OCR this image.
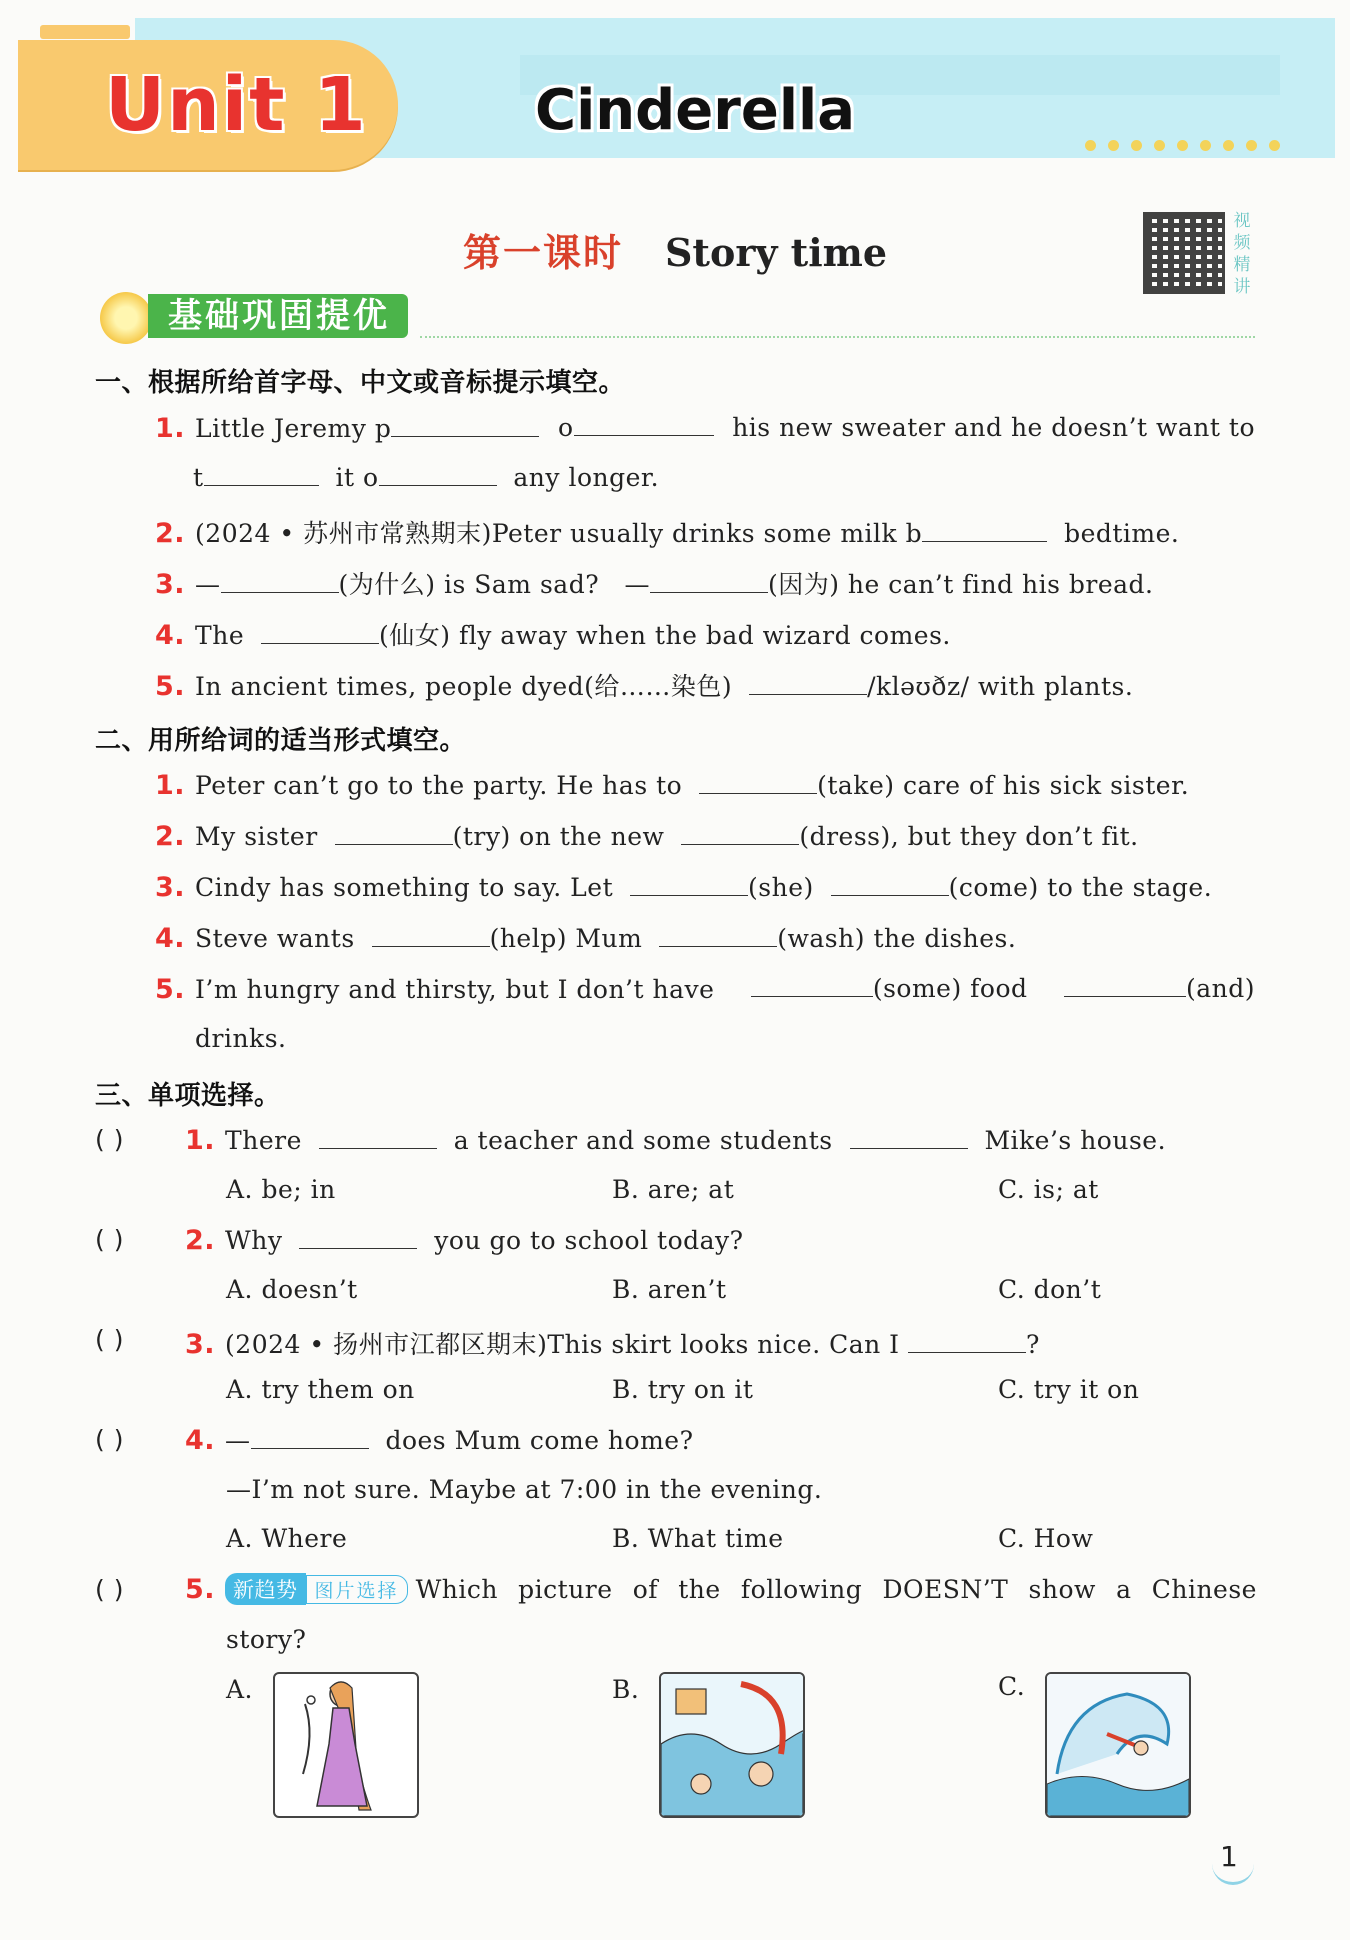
Unit 1	Cinderella
第一课时 Story time
视
频
精
讲
基础巩固提优
一、根据所给首字母、中文或音标提示填空。
1. Little Jeremy p	o	his new sweater and he doesn’t want to
t	it o	any longer.
2. (2024 • 苏州市常熟期末)Peter usually drinks some milk b	bedtime.
3. —	(为什么) is Sam sad? —	(因为) he can’t find his bread.
4. The	(仙女) fly away when the bad wizard comes.
5. In ancient times, people dyed(给……染色)	/kləʊðz/ with plants.
二、用所给词的适当形式填空。
1. Peter can’t go to the party. He has to	(take) care of his sick sister.
2. My sister	(try) on the new	(dress), but they don’t fit.
3. Cindy has something to say. Let	(she)	(come) to the stage.
4. Steve wants	(help) Mum	(wash) the dishes.
5. I’m hungry and thirsty, but I don’t have	(some) food	(and)
drinks.
三、单项选择。
( ) 1. There	a teacher and some students	Mike’s house.
A. be; in	B. are; at	C. is; at
( ) 2. Why	you go to school today?
A. doesn’t	B. aren’t	C. don’t
( ) 3. (2024 • 扬州市江都区期末)This skirt looks nice. Can I	?
A. try them on	B. try on it	C. try it on
( ) 4. —	does Mum come home?
—I’m not sure. Maybe at 7:00 in the evening.
A. Where	B. What time	C. How
( ) 5. 新趋势 图片选择 Which picture of the following DOESN’T show a Chinese
story?
A.	B.	C.
1
